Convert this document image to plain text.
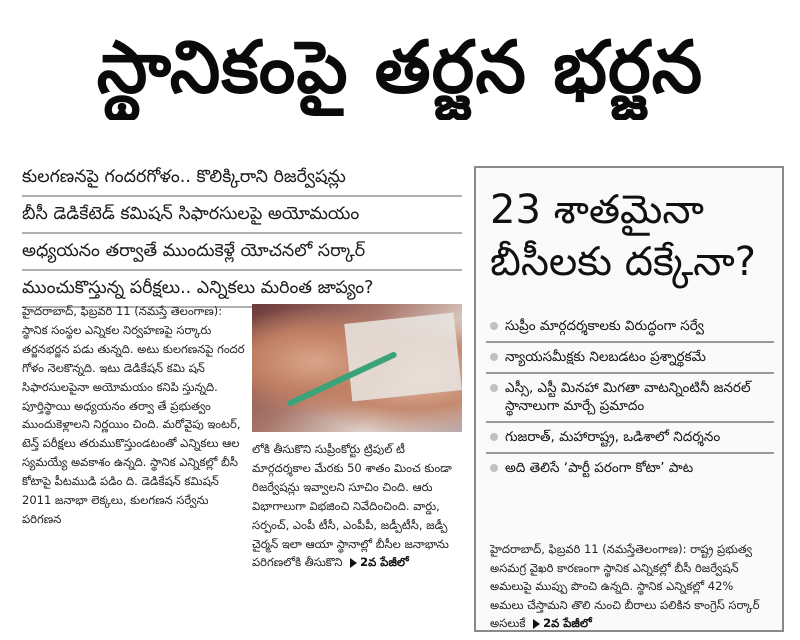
స్థానికంపై తర్జన భర్జన
కులగణనపై గందరగోళం.. కొలిక్కిరాని రిజర్వేషన్లు
బీసీ డెడికేటెడ్ కమిషన్ సిఫారసులపై అయోమయం
అధ్యయనం తర్వాతే ముందుకెళ్లే యోచనలో సర్కార్
ముంచుకొస్తున్న పరీక్షలు.. ఎన్నికలు మరింత జాప్యం?

హైదరాబాద్, ఫిబ్రవరి 11 (నమస్తే తెలంగాణ): స్థానిక సంస్థల ఎన్నికల నిర్వహణపై సర్కారు తర్జనభర్జన పడు తున్నది. అటు కులగణనపై గందర గోళం నెలకొన్నది. ఇటు డెడికేషన్ కమి షన్ సిఫారసులపైనా అయోమయం కనిపి స్తున్నది. పూర్తిస్థాయి అధ్యయనం తర్వా తే ప్రభుత్వం ముందుకెళ్లాలని నిర్ణయిం చింది. మరోవైపు ఇంటర్, టెన్త్ పరీక్షలు తరుముకొస్తుండటంతో ఎన్నికలు ఆల స్యమయ్యే అవకాశం ఉన్నది. స్థానిక ఎన్నికల్లో బీసీ కోటాపై పీటముడి పడిం ది. డెడికేషన్ కమిషన్ 2011 జనాభా లెక్కలు, కులగణన సర్వేను పరిగణన

లోకి తీసుకొని సుప్రీంకోర్టు ట్రిపుల్ టీ మార్గదర్శకాల మేరకు 50 శాతం మించ కుండా రిజర్వేషన్లు ఇవ్వాలని సూచిం చింది. ఆరు విభాగాలుగా విభజించి నివేదించింది. వార్డు, సర్పంచ్, ఎంపీ టీసీ, ఎంపీపీ, జడ్పీటీసీ, జడ్పీ చైర్మన్ ఇలా ఆయా స్థానాల్లో బీసీల జనాభాను పరిగణలోకి తీసుకొని 2వ పేజీలో

23 శాతమైనా
బీసీలకు దక్కేనా?
సుప్రీం మార్గదర్శకాలకు విరుద్ధంగా సర్వే
న్యాయసమీక్షకు నిలబడటం ప్రశ్నార్థకమే
ఎస్సీ, ఎస్టీ మినహా మిగతా వాటన్నింటినీ జనరల్ స్థానాలుగా మార్చే ప్రమాదం
గుజరాత్, మహారాష్ట్ర, ఒడిశాలో నిదర్శనం
అది తెలిసే ‘పార్టీ పరంగా కోటా’ పాట

హైదరాబాద్, ఫిబ్రవరి 11 (నమస్తేతెలంగాణ): రాష్ట్ర ప్రభుత్వ అసమగ్ర వైఖరి కారణంగా స్థానిక ఎన్నికల్లో బీసీ రిజర్వేషన్ అమలుపై ముప్పు పొంచి ఉన్నది. స్థానిక ఎన్నికల్లో 42% అమలు చేస్తామని తొలి నుంచి బీరాలు పలికిన కాంగ్రెస్ సర్కార్ అసలుకే 2వ పేజీలో
